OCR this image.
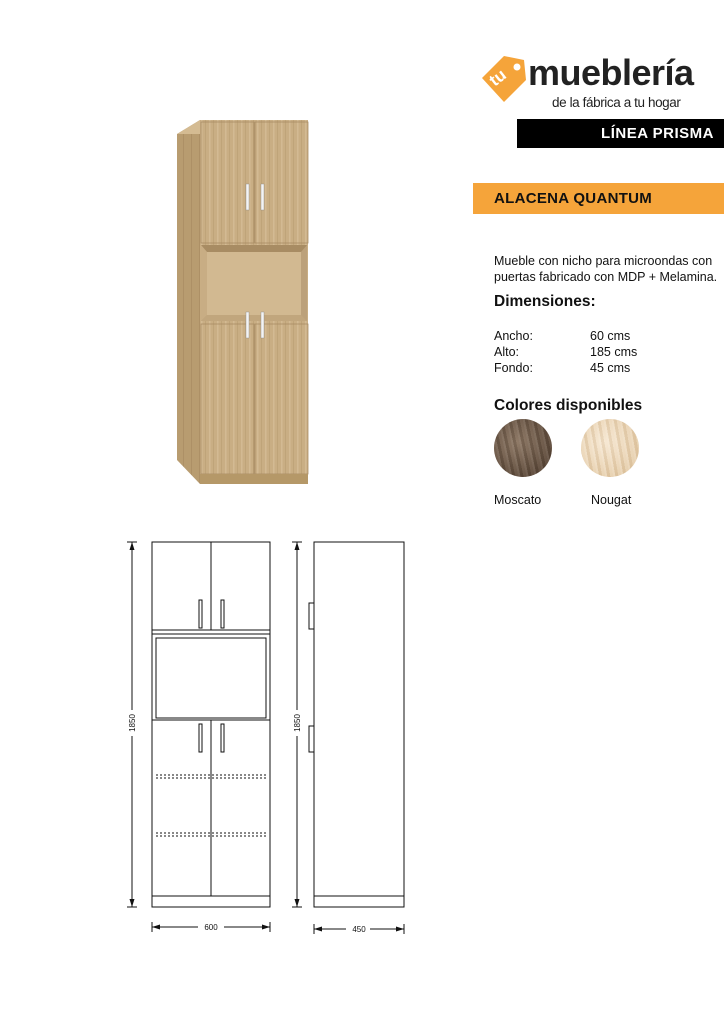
tu mueblería
de la fábrica a tu hogar
LÍNEA PRISMA
ALACENA QUANTUM
Mueble con nicho para microondas con puertas fabricado con MDP + Melamina.
Dimensiones:
Ancho:	60 cms
Alto:	185 cms
Fondo:	45 cms
Colores disponibles
Moscato	Nougat
1850	1850
600	450
